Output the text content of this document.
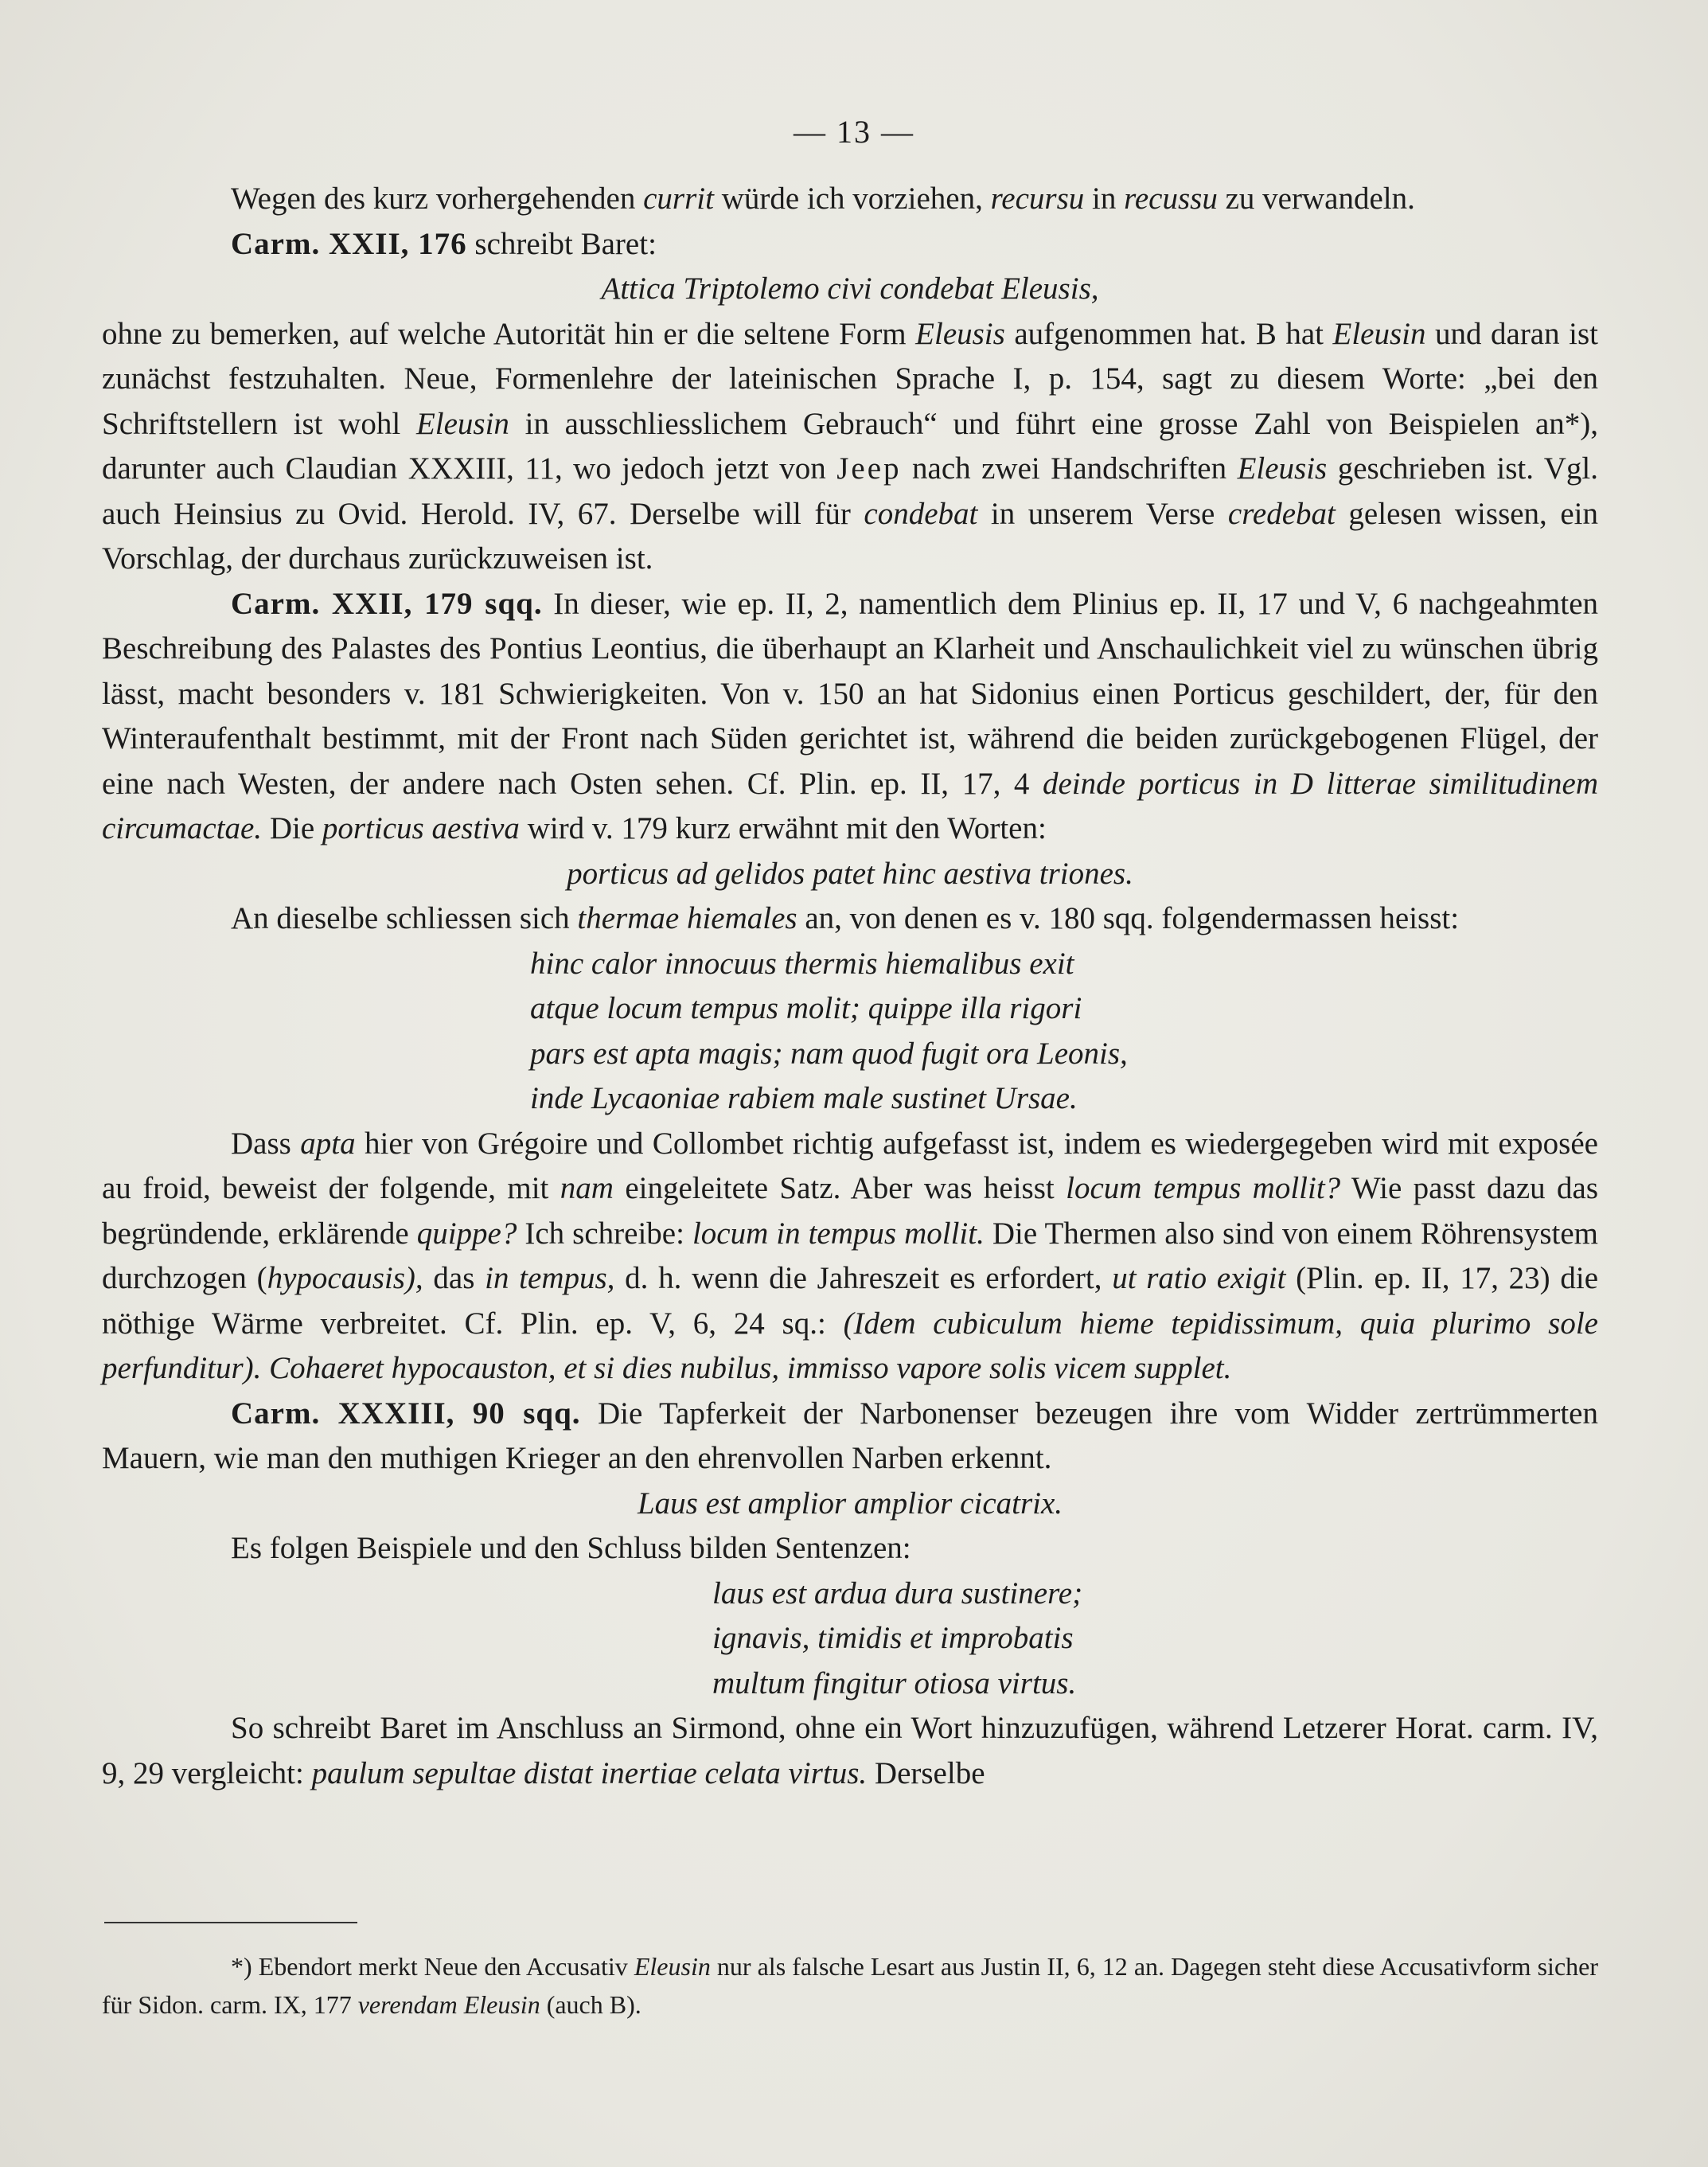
— 13 —

Wegen des kurz vorhergehenden currit würde ich vorziehen, recursu in recussu zu verwandeln.

Carm. XXII, 176 schreibt Baret:

Attica Triptolemo civi condebat Eleusis,

ohne zu bemerken, auf welche Autorität hin er die seltene Form Eleusis aufgenommen hat. B hat Eleusin und daran ist zunächst festzuhalten. Neue, Formenlehre der lateinischen Sprache I, p. 154, sagt zu diesem Worte: „bei den Schriftstellern ist wohl Eleusin in ausschliesslichem Gebrauch“ und führt eine grosse Zahl von Beispielen an*), darunter auch Claudian XXXIII, 11, wo jedoch jetzt von Jeep nach zwei Handschriften Eleusis geschrieben ist. Vgl. auch Heinsius zu Ovid. Herold. IV, 67. Derselbe will für condebat in unserem Verse credebat gelesen wissen, ein Vorschlag, der durchaus zurückzuweisen ist.

Carm. XXII, 179 sqq. In dieser, wie ep. II, 2, namentlich dem Plinius ep. II, 17 und V, 6 nachgeahmten Beschreibung des Palastes des Pontius Leontius, die überhaupt an Klarheit und Anschaulichkeit viel zu wünschen übrig lässt, macht besonders v. 181 Schwierigkeiten. Von v. 150 an hat Sidonius einen Porticus geschildert, der, für den Winteraufenthalt bestimmt, mit der Front nach Süden gerichtet ist, während die beiden zurückgebogenen Flügel, der eine nach Westen, der andere nach Osten sehen. Cf. Plin. ep. II, 17, 4 deinde porticus in D litterae similitudinem circumactae. Die porticus aestiva wird v. 179 kurz erwähnt mit den Worten:

porticus ad gelidos patet hinc aestiva triones.

An dieselbe schliessen sich thermae hiemales an, von denen es v. 180 sqq. folgendermassen heisst:

hinc calor innocuus thermis hiemalibus exit

atque locum tempus molit; quippe illa rigori

pars est apta magis; nam quod fugit ora Leonis,

inde Lycaoniae rabiem male sustinet Ursae.

Dass apta hier von Grégoire und Collombet richtig aufgefasst ist, indem es wiedergegeben wird mit exposée au froid, beweist der folgende, mit nam eingeleitete Satz. Aber was heisst locum tempus mollit? Wie passt dazu das begründende, erklärende quippe? Ich schreibe: locum in tempus mollit. Die Thermen also sind von einem Röhrensystem durchzogen (hypocausis), das in tempus, d. h. wenn die Jahreszeit es erfordert, ut ratio exigit (Plin. ep. II, 17, 23) die nöthige Wärme verbreitet. Cf. Plin. ep. V, 6, 24 sq.: (Idem cubiculum hieme tepidissimum, quia plurimo sole perfunditur). Cohaeret hypocauston, et si dies nubilus, immisso vapore solis vicem supplet.

Carm. XXXIII, 90 sqq. Die Tapferkeit der Narbonenser bezeugen ihre vom Widder zertrümmerten Mauern, wie man den muthigen Krieger an den ehrenvollen Narben erkennt.

Laus est amplior amplior cicatrix.

Es folgen Beispiele und den Schluss bilden Sentenzen:

laus est ardua dura sustinere;

ignavis, timidis et improbatis

multum fingitur otiosa virtus.

So schreibt Baret im Anschluss an Sirmond, ohne ein Wort hinzuzufügen, während Letzerer Horat. carm. IV, 9, 29 vergleicht: paulum sepultae distat inertiae celata virtus. Derselbe

*) Ebendort merkt Neue den Accusativ Eleusin nur als falsche Lesart aus Justin II, 6, 12 an. Dagegen steht diese Accusativform sicher für Sidon. carm. IX, 177 verendam Eleusin (auch B).
